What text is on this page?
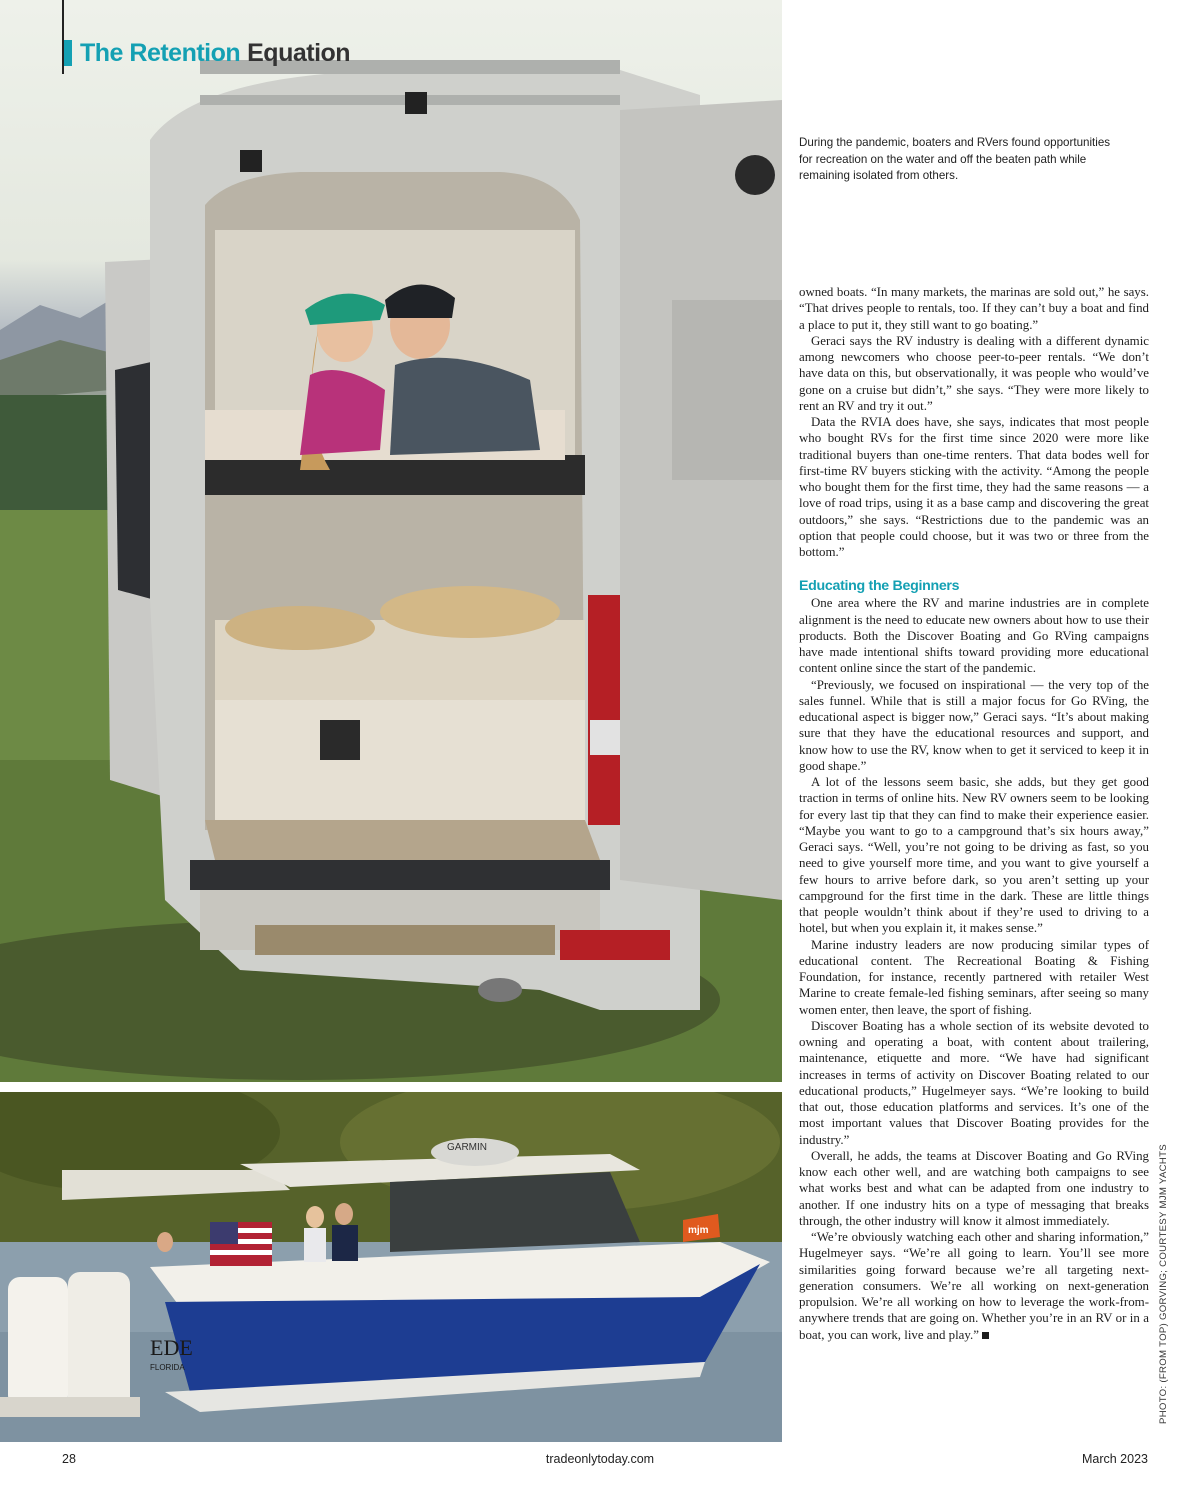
The Retention Equation

During the pandemic, boaters and RVers found opportunities for recreation on the water and off the beaten path while remaining isolated from others.

owned boats. “In many markets, the marinas are sold out,” he says. “That drives people to rentals, too. If they can’t buy a boat and find a place to put it, they still want to go boating.”

Geraci says the RV industry is dealing with a different dynamic among newcomers who choose peer-to-peer rentals. “We don’t have data on this, but observationally, it was people who would’ve gone on a cruise but didn’t,” she says. “They were more likely to rent an RV and try it out.”

Data the RVIA does have, she says, indicates that most people who bought RVs for the first time since 2020 were more like traditional buyers than one-time renters. That data bodes well for first-time RV buyers sticking with the activity. “Among the people who bought them for the first time, they had the same reasons — a love of road trips, using it as a base camp and discovering the great outdoors,” she says. “Restrictions due to the pandemic was an option that people could choose, but it was two or three from the bottom.”

Educating the Beginners

One area where the RV and marine industries are in complete alignment is the need to educate new owners about how to use their products. Both the Discover Boating and Go RVing campaigns have made intentional shifts toward providing more educational content online since the start of the pandemic.

“Previously, we focused on inspirational — the very top of the sales funnel. While that is still a major focus for Go RVing, the educational aspect is bigger now,” Geraci says. “It’s about making sure that they have the educational resources and support, and know how to use the RV, know when to get it serviced to keep it in good shape.”

A lot of the lessons seem basic, she adds, but they get good traction in terms of online hits. New RV owners seem to be looking for every last tip that they can find to make their experience easier. “Maybe you want to go to a campground that’s six hours away,” Geraci says. “Well, you’re not going to be driving as fast, so you need to give yourself more time, and you want to give yourself a few hours to arrive before dark, so you aren’t setting up your campground for the first time in the dark. These are little things that people wouldn’t think about if they’re used to driving to a hotel, but when you explain it, it makes sense.”

Marine industry leaders are now producing similar types of educational content. The Recreational Boating & Fishing Foundation, for instance, recently partnered with retailer West Marine to create female-led fishing seminars, after seeing so many women enter, then leave, the sport of fishing.

Discover Boating has a whole section of its website devoted to owning and operating a boat, with content about trailering, maintenance, etiquette and more. “We have had significant increases in terms of activity on Discover Boating related to our educational products,” Hugelmeyer says. “We’re looking to build that out, those education platforms and services. It’s one of the most important values that Discover Boating provides for the industry.”

Overall, he adds, the teams at Discover Boating and Go RVing know each other well, and are watching both campaigns to see what works best and what can be adapted from one industry to another. If one industry hits on a type of messaging that breaks through, the other industry will know it almost immediately.

“We’re obviously watching each other and sharing information,” Hugelmeyer says. “We’re all going to learn. You’ll see more similarities going forward because we’re all targeting next-generation consumers. We’re all working on next-generation propulsion. We’re all working on how to leverage the work-from-anywhere trends that are going on. Whether you’re in an RV or in a boat, you can work, live and play.”

GARMIN
EDE
FLORIDA
mjm	PHOTO: (FROM TOP) GORVING; COURTESY MJM YACHTS

28	tradeonlytoday.com	March 2023
